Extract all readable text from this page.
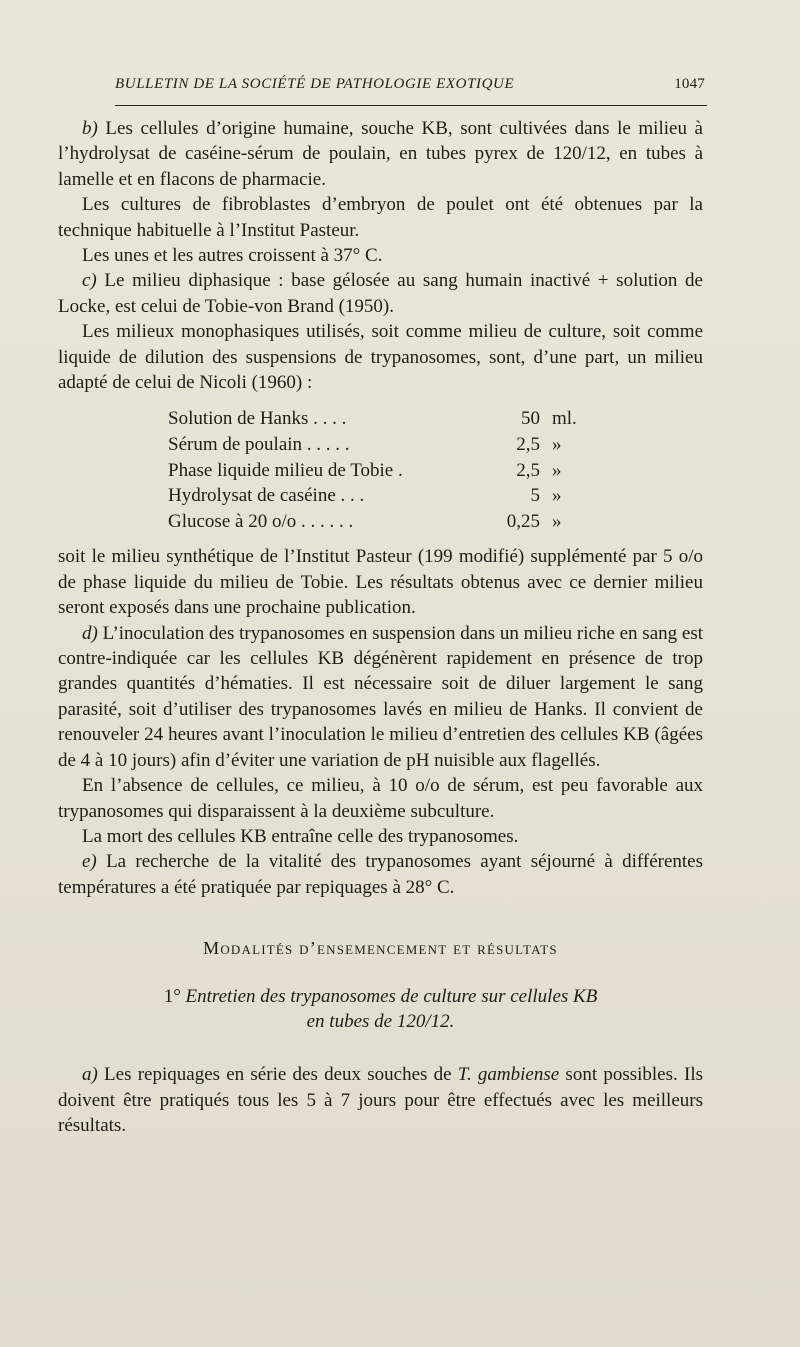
BULLETIN DE LA SOCIÉTÉ DE PATHOLOGIE EXOTIQUE	1047

b) Les cellules d’origine humaine, souche KB, sont cultivées dans le milieu à l’hydrolysat de caséine-sérum de poulain, en tubes pyrex de 120/12, en tubes à lamelle et en flacons de pharmacie.

Les cultures de fibroblastes d’embryon de poulet ont été obtenues par la technique habituelle à l’Institut Pasteur.

Les unes et les autres croissent à 37° C.

c) Le milieu diphasique : base gélosée au sang humain inactivé + solution de Locke, est celui de Tobie-von Brand (1950).

Les milieux monophasiques utilisés, soit comme milieu de culture, soit comme liquide de dilution des suspensions de trypanosomes, sont, d’une part, un milieu adapté de celui de Nicoli (1960) :

Solution de Hanks . . . .	50	ml.
Sérum de poulain . . . . .	2,5	»
Phase liquide milieu de Tobie .	2,5	»
Hydrolysat de caséine . . .	5	»
Glucose à 20 o/o . . . . . .	0,25	»

soit le milieu synthétique de l’Institut Pasteur (199 modifié) supplémenté par 5 o/o de phase liquide du milieu de Tobie. Les résultats obtenus avec ce dernier milieu seront exposés dans une prochaine publication.

d) L’inoculation des trypanosomes en suspension dans un milieu riche en sang est contre-indiquée car les cellules KB dégénèrent rapidement en présence de trop grandes quantités d’hématies. Il est nécessaire soit de diluer largement le sang parasité, soit d’utiliser des trypanosomes lavés en milieu de Hanks. Il convient de renouveler 24 heures avant l’inoculation le milieu d’entretien des cellules KB (âgées de 4 à 10 jours) afin d’éviter une variation de pH nuisible aux flagellés.

En l’absence de cellules, ce milieu, à 10 o/o de sérum, est peu favorable aux trypanosomes qui disparaissent à la deuxième subculture.

La mort des cellules KB entraîne celle des trypanosomes.

e) La recherche de la vitalité des trypanosomes ayant séjourné à différentes températures a été pratiquée par repiquages à 28° C.

Modalités d’ensemencement et résultats
1° Entretien des trypanosomes de culture sur cellules KB
en tubes de 120/12.

a) Les repiquages en série des deux souches de T. gambiense sont possibles. Ils doivent être pratiqués tous les 5 à 7 jours pour être effectués avec les meilleurs résultats.
